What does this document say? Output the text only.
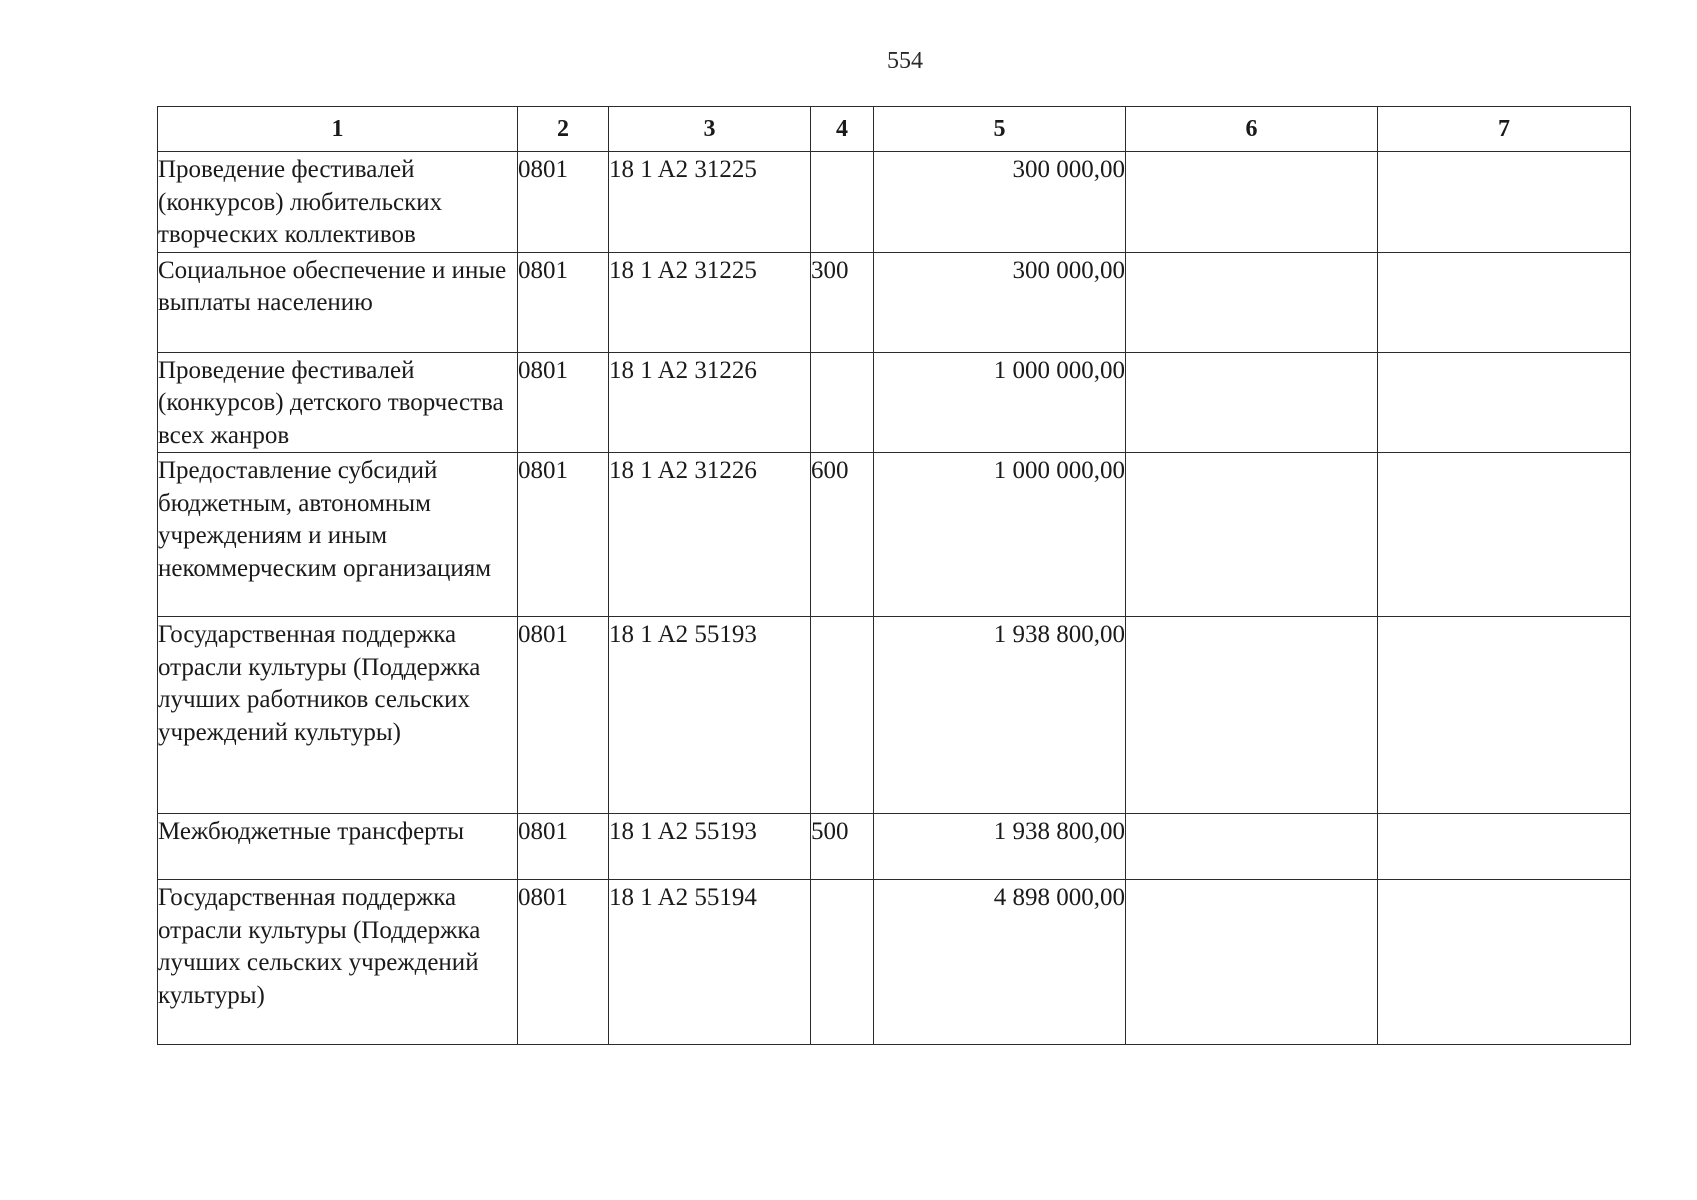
554
1	2	3	4	5	6	7
Проведение фестивалей (конкурсов) любительских творческих коллективов	0801	18 1 A2 31225		300 000,00		
Социальное обеспечение и иные выплаты населению	0801	18 1 A2 31225	300	300 000,00		
Проведение фестивалей (конкурсов) детского творчества всех жанров	0801	18 1 A2 31226		1 000 000,00		
Предоставление субсидий бюджетным, автономным учреждениям и иным некоммерческим организациям	0801	18 1 A2 31226	600	1 000 000,00		
Государственная поддержка отрасли культуры (Поддержка лучших работников сельских учреждений культуры)	0801	18 1 A2 55193		1 938 800,00		
Межбюджетные трансферты	0801	18 1 A2 55193	500	1 938 800,00		
Государственная поддержка отрасли культуры (Поддержка лучших сельских учреждений культуры)	0801	18 1 A2 55194		4 898 000,00		
